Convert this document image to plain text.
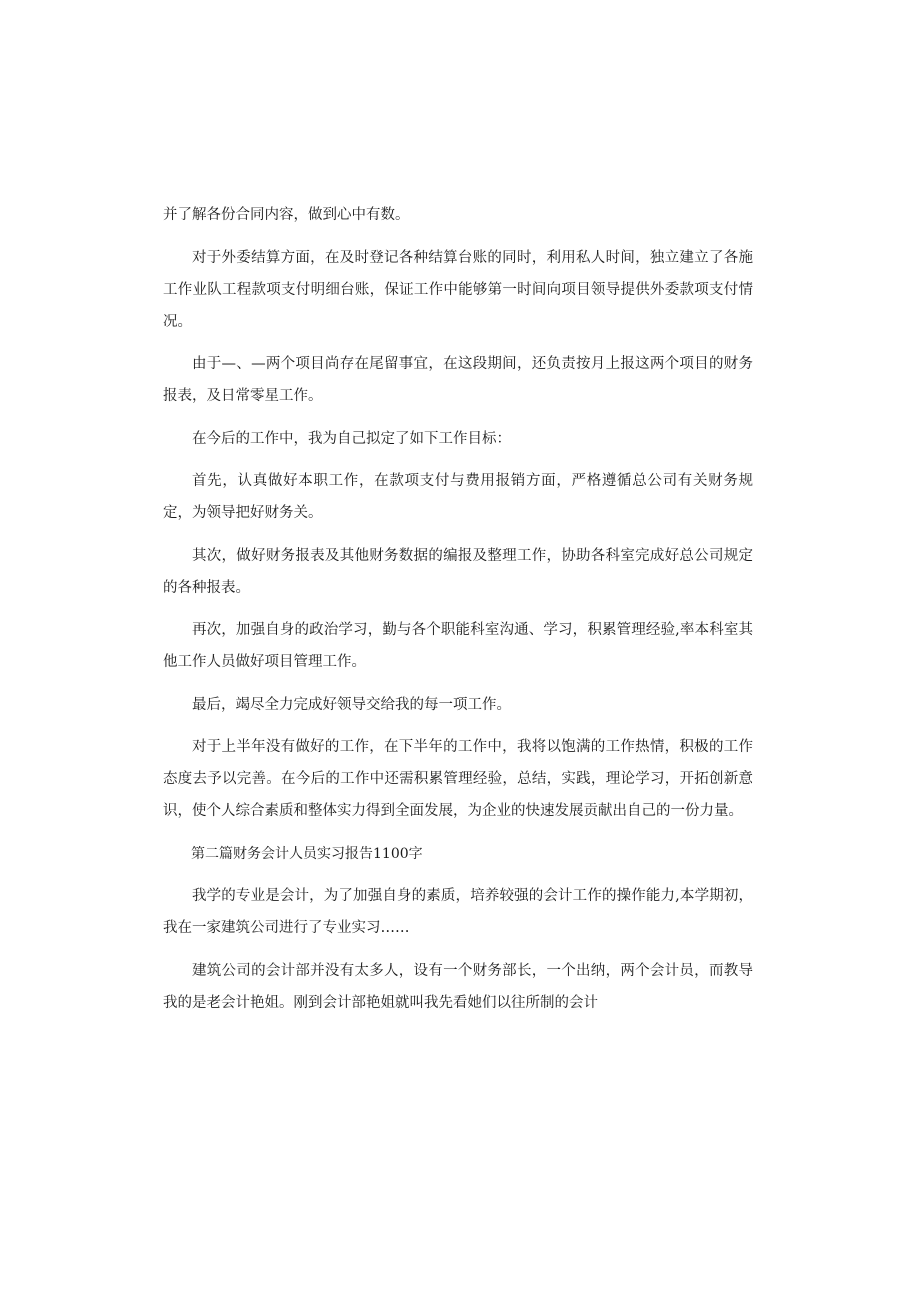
并了解各份合同内容，做到心中有数。

对于外委结算方面，在及时登记各种结算台账的同时，利用私人时间，独立建立了各施工作业队工程款项支付明细台账，保证工作中能够第一时间向项目领导提供外委款项支付情况。

由于—、—两个项目尚存在尾留事宜，在这段期间，还负责按月上报这两个项目的财务报表，及日常零星工作。

在今后的工作中，我为自己拟定了如下工作目标：

首先，认真做好本职工作，在款项支付与费用报销方面，严格遵循总公司有关财务规定，为领导把好财务关。

其次，做好财务报表及其他财务数据的编报及整理工作，协助各科室完成好总公司规定的各种报表。

再次，加强自身的政治学习，勤与各个职能科室沟通、学习，积累管理经验,率本科室其他工作人员做好项目管理工作。

最后，竭尽全力完成好领导交给我的每一项工作。

对于上半年没有做好的工作，在下半年的工作中，我将以饱满的工作热情，积极的工作态度去予以完善。在今后的工作中还需积累管理经验，总结，实践，理论学习，开拓创新意识，使个人综合素质和整体实力得到全面发展，为企业的快速发展贡献出自己的一份力量。

第二篇财务会计人员实习报告1100字

我学的专业是会计，为了加强自身的素质，培养较强的会计工作的操作能力,本学期初，我在一家建筑公司进行了专业实习……

建筑公司的会计部并没有太多人，设有一个财务部长，一个出纳，两个会计员，而教导我的是老会计艳姐。刚到会计部艳姐就叫我先看她们以往所制的会计
